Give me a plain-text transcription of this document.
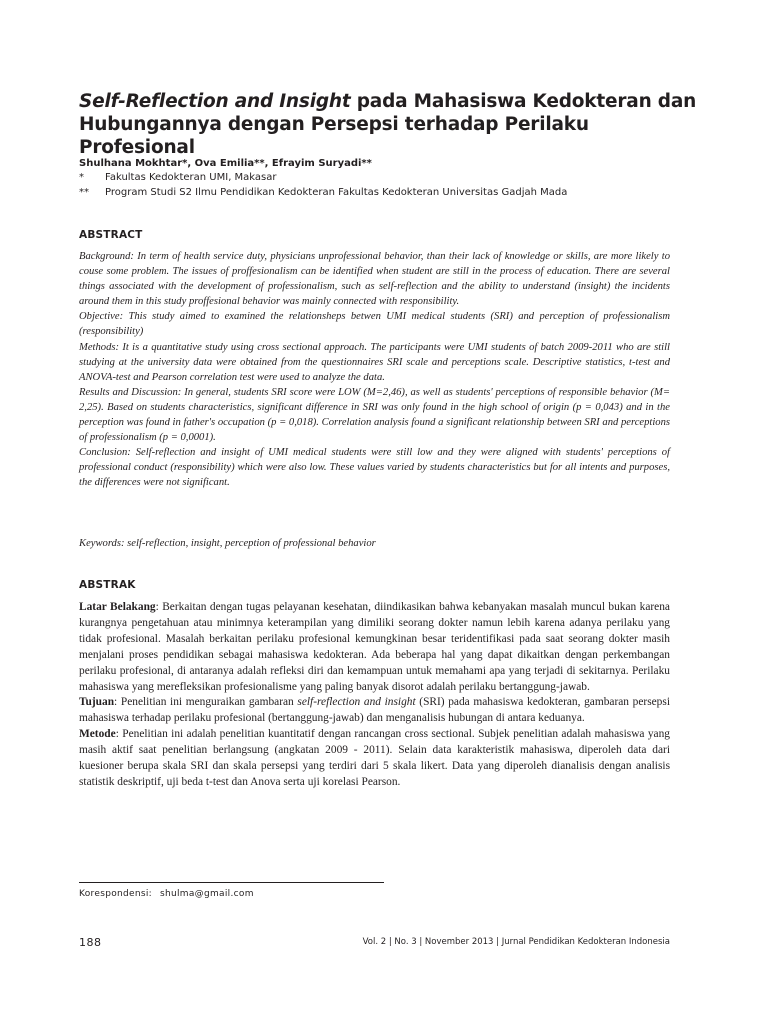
Self-Reflection and Insight pada Mahasiswa Kedokteran dan
Hubungannya dengan Persepsi terhadap Perilaku Profesional
Shulhana Mokhtar*, Ova Emilia**, Efrayim Suryadi**
* Fakultas Kedokteran UMI, Makasar
** Program Studi S2 Ilmu Pendidikan Kedokteran Fakultas Kedokteran Universitas Gadjah Mada
ABSTRACT

Background: In term of health service duty, physicians unprofessional behavior, than their lack of knowledge or skills, are more likely to couse some problem. The issues of proffesionalism can be identified when student are still in the process of education. There are several things associated with the development of professionalism, such as self-reflection and the ability to understand (insight) the incidents around them in this study proffesional behavior was mainly connected with responsibility.

Objective: This study aimed to examined the relationsheps betwen UMI medical students (SRI) and perception of professionalism (responsibility)

Methods: It is a quantitative study using cross sectional approach. The participants were UMI students of batch 2009-2011 who are still studying at the university data were obtained from the questionnaires SRI scale and perceptions scale. Descriptive statistics, t-test and ANOVA-test and Pearson correlation test were used to analyze the data.

Results and Discussion: In general, students SRI score were LOW (M=2,46), as well as students' perceptions of responsible behavior (M= 2,25). Based on students characteristics, significant difference in SRI was only found in the high school of origin (p = 0,043) and in the perception was found in father's occupation (p = 0,018). Correlation analysis found a significant relationship between SRI and perceptions of professionalism (p = 0,0001).

Conclusion: Self-reflection and insight of UMI medical students were still low and they were aligned with students' perceptions of professional conduct (responsibility) which were also low. These values varied by students characteristics but for all intents and purposes, the differences were not significant.

Keywords: self-reflection, insight, perception of professional behavior
ABSTRAK

Latar Belakang: Berkaitan dengan tugas pelayanan kesehatan, diindikasikan bahwa kebanyakan masalah muncul bukan karena kurangnya pengetahuan atau minimnya keterampilan yang dimiliki seorang dokter namun lebih karena adanya perilaku yang tidak profesional. Masalah berkaitan perilaku profesional kemungkinan besar teridentifikasi pada saat seorang dokter masih menjalani proses pendidikan sebagai mahasiswa kedokteran. Ada beberapa hal yang dapat dikaitkan dengan perkembangan perilaku profesional, di antaranya adalah refleksi diri dan kemampuan untuk memahami apa yang terjadi di sekitarnya. Perilaku mahasiswa yang merefleksikan profesionalisme yang paling banyak disorot adalah perilaku bertanggung-jawab.

Tujuan: Penelitian ini menguraikan gambaran self-reflection and insight (SRI) pada mahasiswa kedokteran, gambaran persepsi mahasiswa terhadap perilaku profesional (bertanggung-jawab) dan menganalisis hubungan di antara keduanya.

Metode: Penelitian ini adalah penelitian kuantitatif dengan rancangan cross sectional. Subjek penelitian adalah mahasiswa yang masih aktif saat penelitian berlangsung (angkatan 2009 - 2011). Selain data karakteristik mahasiswa, diperoleh data dari kuesioner berupa skala SRI dan skala persepsi yang terdiri dari 5 skala likert. Data yang diperoleh dianalisis dengan analisis statistik deskriptif, uji beda t-test dan Anova serta uji korelasi Pearson.

Korespondensi: shulma@gmail.com
188	Vol. 2 | No. 3 | November 2013 | Jurnal Pendidikan Kedokteran Indonesia
